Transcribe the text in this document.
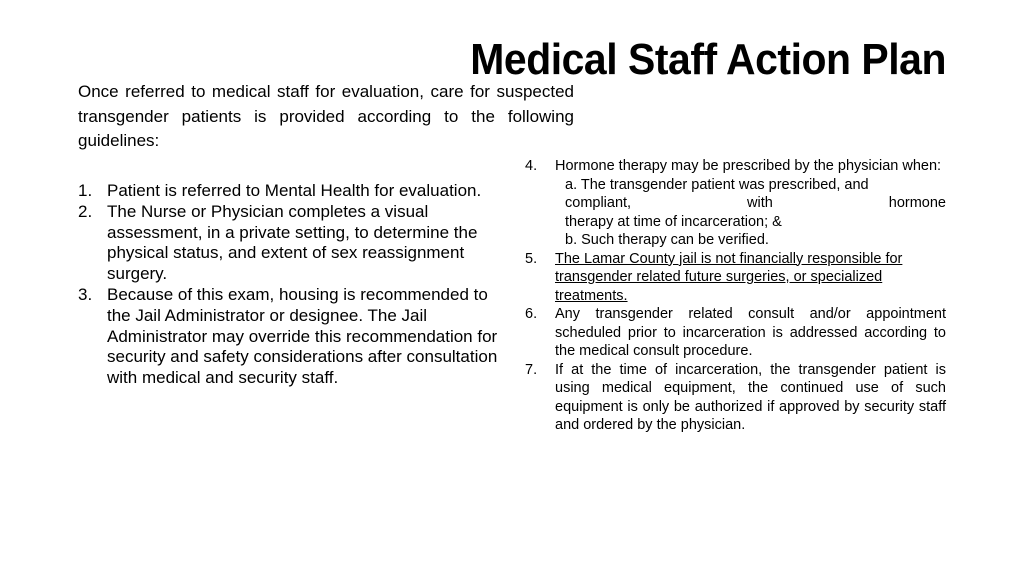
Medical Staff Action Plan
Once referred to medical staff for evaluation, care for suspected transgender patients is provided according to the following guidelines:
1. Patient is referred to Mental Health for evaluation.
2. The Nurse or Physician completes a visual assessment, in a private setting, to determine the physical status, and extent of sex reassignment surgery.
3. Because of this exam, housing is recommended to the Jail Administrator or designee. The Jail Administrator may override this recommendation for security and safety considerations after consultation with medical and security staff.
4.	Hormone therapy may be prescribed by the physician when:
a. The transgender patient was prescribed, and
compliant, with hormone
therapy at time of incarceration; &
b. Such therapy can be verified.
5.	The Lamar County jail is not financially responsible for transgender related future surgeries, or specialized treatments.
6.	Any transgender related consult and/or appointment scheduled prior to incarceration is addressed according to the medical consult procedure.
7.	If at the time of incarceration, the transgender patient is using medical equipment, the continued use of such equipment is only be authorized if approved by security staff and ordered by the physician.
